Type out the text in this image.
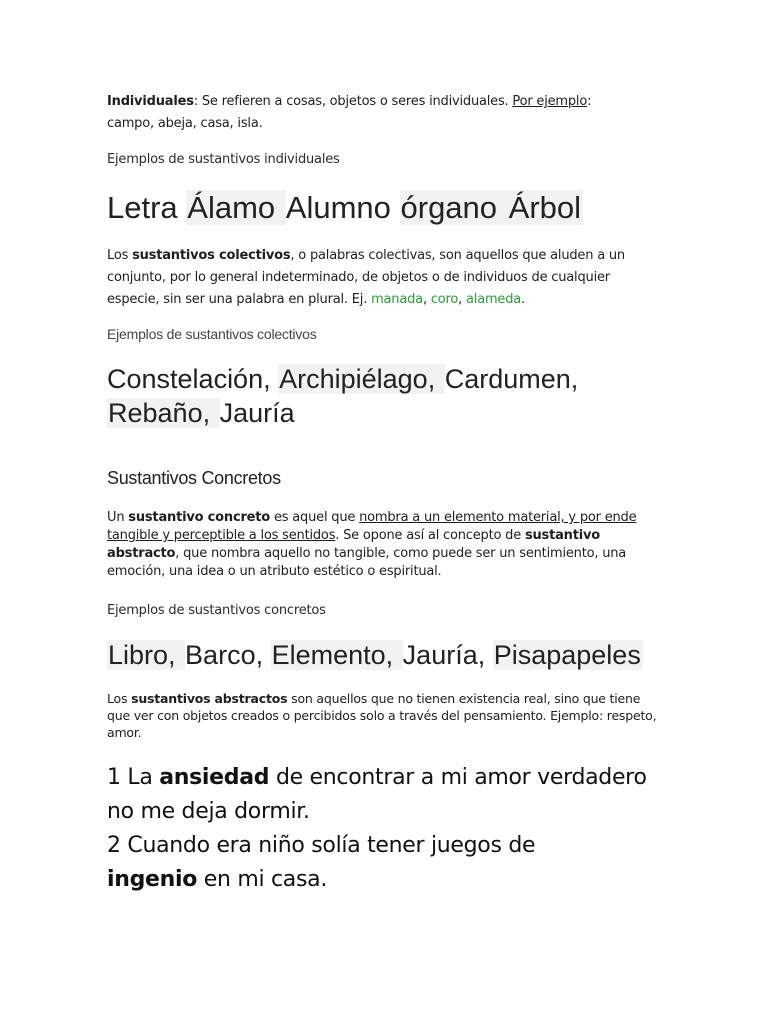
Individuales: Se refieren a cosas, objetos o seres individuales. Por ejemplo:
campo, abeja, casa, isla.
Ejemplos de sustantivos individuales
Letra Álamo Alumno órgano Árbol
Los sustantivos colectivos, o palabras colectivas, son aquellos que aluden a un conjunto, por lo general indeterminado, de objetos o de individuos de cualquier especie, sin ser una palabra en plural. Ej. manada, coro, alameda.
Ejemplos de sustantivos colectivos
Constelación, Archipiélago, Cardumen,
Rebaño, Jauría
Sustantivos Concretos
Un sustantivo concreto es aquel que nombra a un elemento material, y por ende tangible y perceptible a los sentidos. Se opone así al concepto de sustantivo abstracto, que nombra aquello no tangible, como puede ser un sentimiento, una emoción, una idea o un atributo estético o espiritual.
Ejemplos de sustantivos concretos
Libro, Barco, Elemento, Jauría, Pisapapeles
Los sustantivos abstractos son aquellos que no tienen existencia real, sino que tiene que ver con objetos creados o percibidos solo a través del pensamiento. Ejemplo: respeto, amor.
1 La ansiedad de encontrar a mi amor verdadero no me deja dormir.
2 Cuando era niño solía tener juegos de ingenio en mi casa.
